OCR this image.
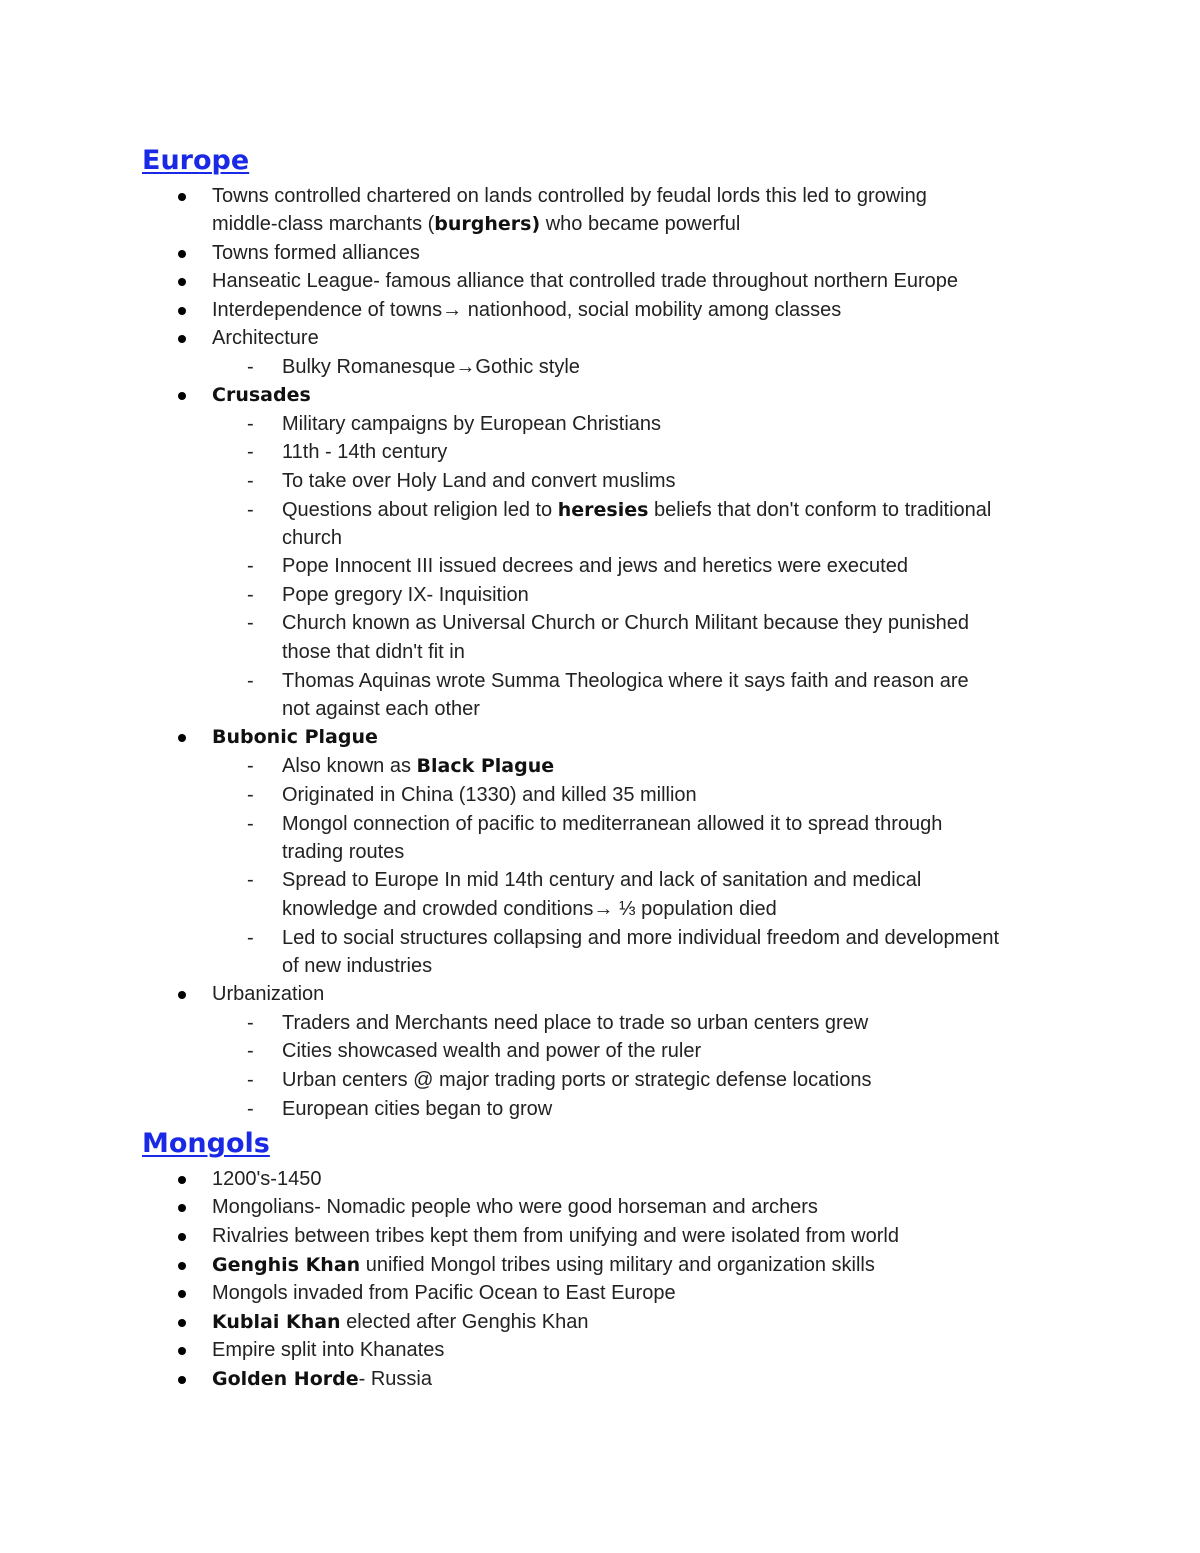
Europe
Towns controlled chartered on lands controlled by feudal lords this led to growing
middle-class marchants (burghers) who became powerful
Towns formed alliances
Hanseatic League- famous alliance that controlled trade throughout northern Europe
Interdependence of towns→ nationhood, social mobility among classes
Architecture
- Bulky Romanesque→Gothic style
Crusades
- Military campaigns by European Christians
- 11th - 14th century
- To take over Holy Land and convert muslims
- Questions about religion led to heresies beliefs that don't conform to traditional
church
- Pope Innocent III issued decrees and jews and heretics were executed
- Pope gregory IX- Inquisition
- Church known as Universal Church or Church Militant because they punished
those that didn't fit in
- Thomas Aquinas wrote Summa Theologica where it says faith and reason are
not against each other
Bubonic Plague
- Also known as Black Plague
- Originated in China (1330) and killed 35 million
- Mongol connection of pacific to mediterranean allowed it to spread through
trading routes
- Spread to Europe In mid 14th century and lack of sanitation and medical
knowledge and crowded conditions→ ⅓ population died
- Led to social structures collapsing and more individual freedom and development
of new industries
Urbanization
- Traders and Merchants need place to trade so urban centers grew
- Cities showcased wealth and power of the ruler
- Urban centers @ major trading ports or strategic defense locations
- European cities began to grow
Mongols
1200's-1450
Mongolians- Nomadic people who were good horseman and archers
Rivalries between tribes kept them from unifying and were isolated from world
Genghis Khan unified Mongol tribes using military and organization skills
Mongols invaded from Pacific Ocean to East Europe
Kublai Khan elected after Genghis Khan
Empire split into Khanates
Golden Horde- Russia
